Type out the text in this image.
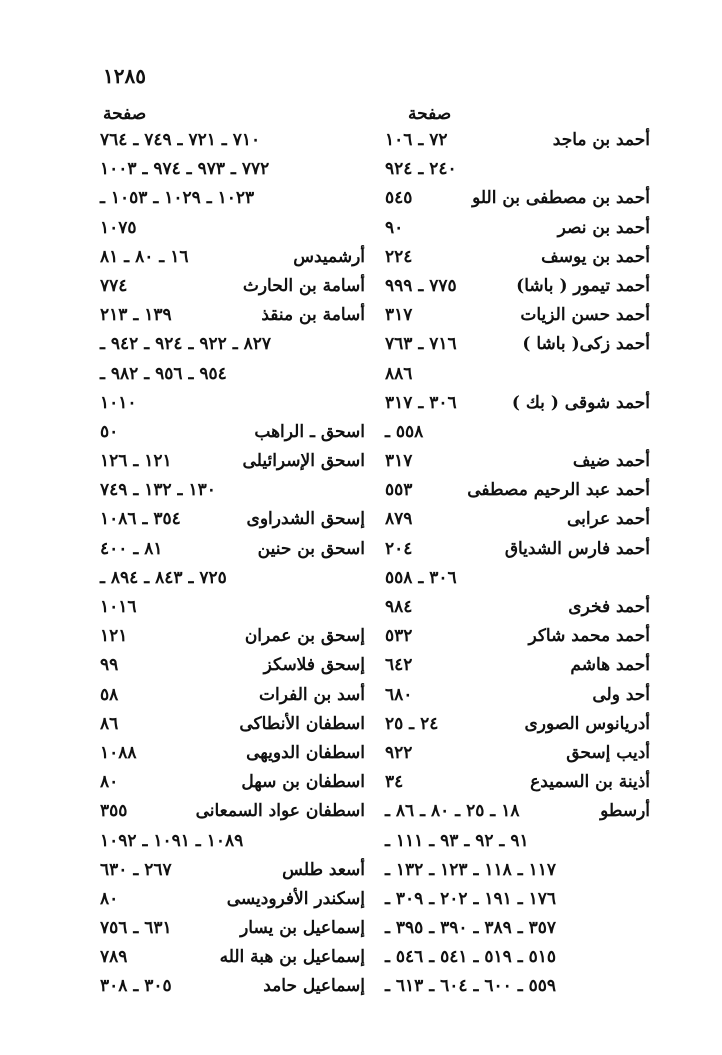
١٢٨٥
صفحة
صفحة
أحمد بن ماجد
٧٢ ـ ١٠٦
٢٤٠ ـ ٩٢٤
أحمد بن مصطفى بن اللو
٥٤٥
أحمد بن نصر
٩٠
أحمد بن يوسف
٢٢٤
أحمد تيمور ( باشا)
٧٧٥ ـ ٩٩٩
أحمد حسن الزيات
٣١٧
أحمد زكى( باشا )
٧١٦ ـ ٧٦٣
٨٨٦
أحمد شوقى ( بك )
٣٠٦ ـ ٣١٧
٥٥٨ ـ
أحمد ضيف
٣١٧
أحمد عبد الرحيم مصطفى
٥٥٣
أحمد عرابى
٨٧٩
أحمد فارس الشدياق
٢٠٤
٣٠٦ ـ ٥٥٨
أحمد فخرى
٩٨٤
أحمد محمد شاكر
٥٣٢
أحمد هاشم
٦٤٢
أحد ولى
٦٨٠
أدريانوس الصورى
٢٤ ـ ٢٥
أديب إسحق
٩٢٢
أذينة بن السميدع
٣٤
أرسطو
١٨ ـ ٢٥ ـ ٨٠ ـ ٨٦ ـ
٩١ ـ ٩٢ ـ ٩٣ ـ ١١١ ـ
١١٧ ـ ١١٨ ـ ١٢٣ ـ ١٣٢ ـ
١٧٦ ـ ١٩١ ـ ٢٠٢ ـ ٣٠٩ ـ
٣٥٧ ـ ٣٨٩ ـ ٣٩٠ ـ ٣٩٥ ـ
٥١٥ ـ ٥١٩ ـ ٥٤١ ـ ٥٤٦ ـ
٥٥٩ ـ ٦٠٠ ـ ٦٠٤ ـ ٦١٣ ـ
٧١٠ ـ ٧٢١ ـ ٧٤٩ ـ ٧٦٤
٧٧٢ ـ ٩٧٣ ـ ٩٧٤ ـ ١٠٠٣
١٠٢٣ ـ ١٠٢٩ ـ ١٠٥٣ ـ
١٠٧٥
أرشميدس
١٦ ـ ٨٠ ـ ٨١
أسامة بن الحارث
٧٧٤
أسامة بن منقذ
١٣٩ ـ ٢١٣
٨٢٧ ـ ٩٢٢ ـ ٩٢٤ ـ ٩٤٢ ـ
٩٥٤ ـ ٩٥٦ ـ ٩٨٢ ـ
١٠١٠
اسحق ـ الراهب
٥٠
اسحق الإسرائيلى
١٢١ ـ ١٢٦
١٣٠ ـ ١٣٢ ـ ٧٤٩
إسحق الشدراوى
٣٥٤ ـ ١٠٨٦
اسحق بن حنين
٨١ ـ ٤٠٠
٧٢٥ ـ ٨٤٣ ـ ٨٩٤ ـ
١٠١٦
إسحق بن عمران
١٢١
إسحق فلاسكز
٩٩
أسد بن الفرات
٥٨
اسطفان الأنطاكى
٨٦
اسطفان الدويهى
١٠٨٨
اسطفان بن سهل
٨٠
اسطفان عواد السمعانى
٣٥٥
١٠٨٩ ـ ١٠٩١ ـ ١٠٩٢
أسعد طلس
٢٦٧ ـ ٦٣٠
إسكندر الأفروديسى
٨٠
إسماعيل بن يسار
٦٣١ ـ ٧٥٦
إسماعيل بن هبة الله
٧٨٩
إسماعيل حامد
٣٠٥ ـ ٣٠٨
